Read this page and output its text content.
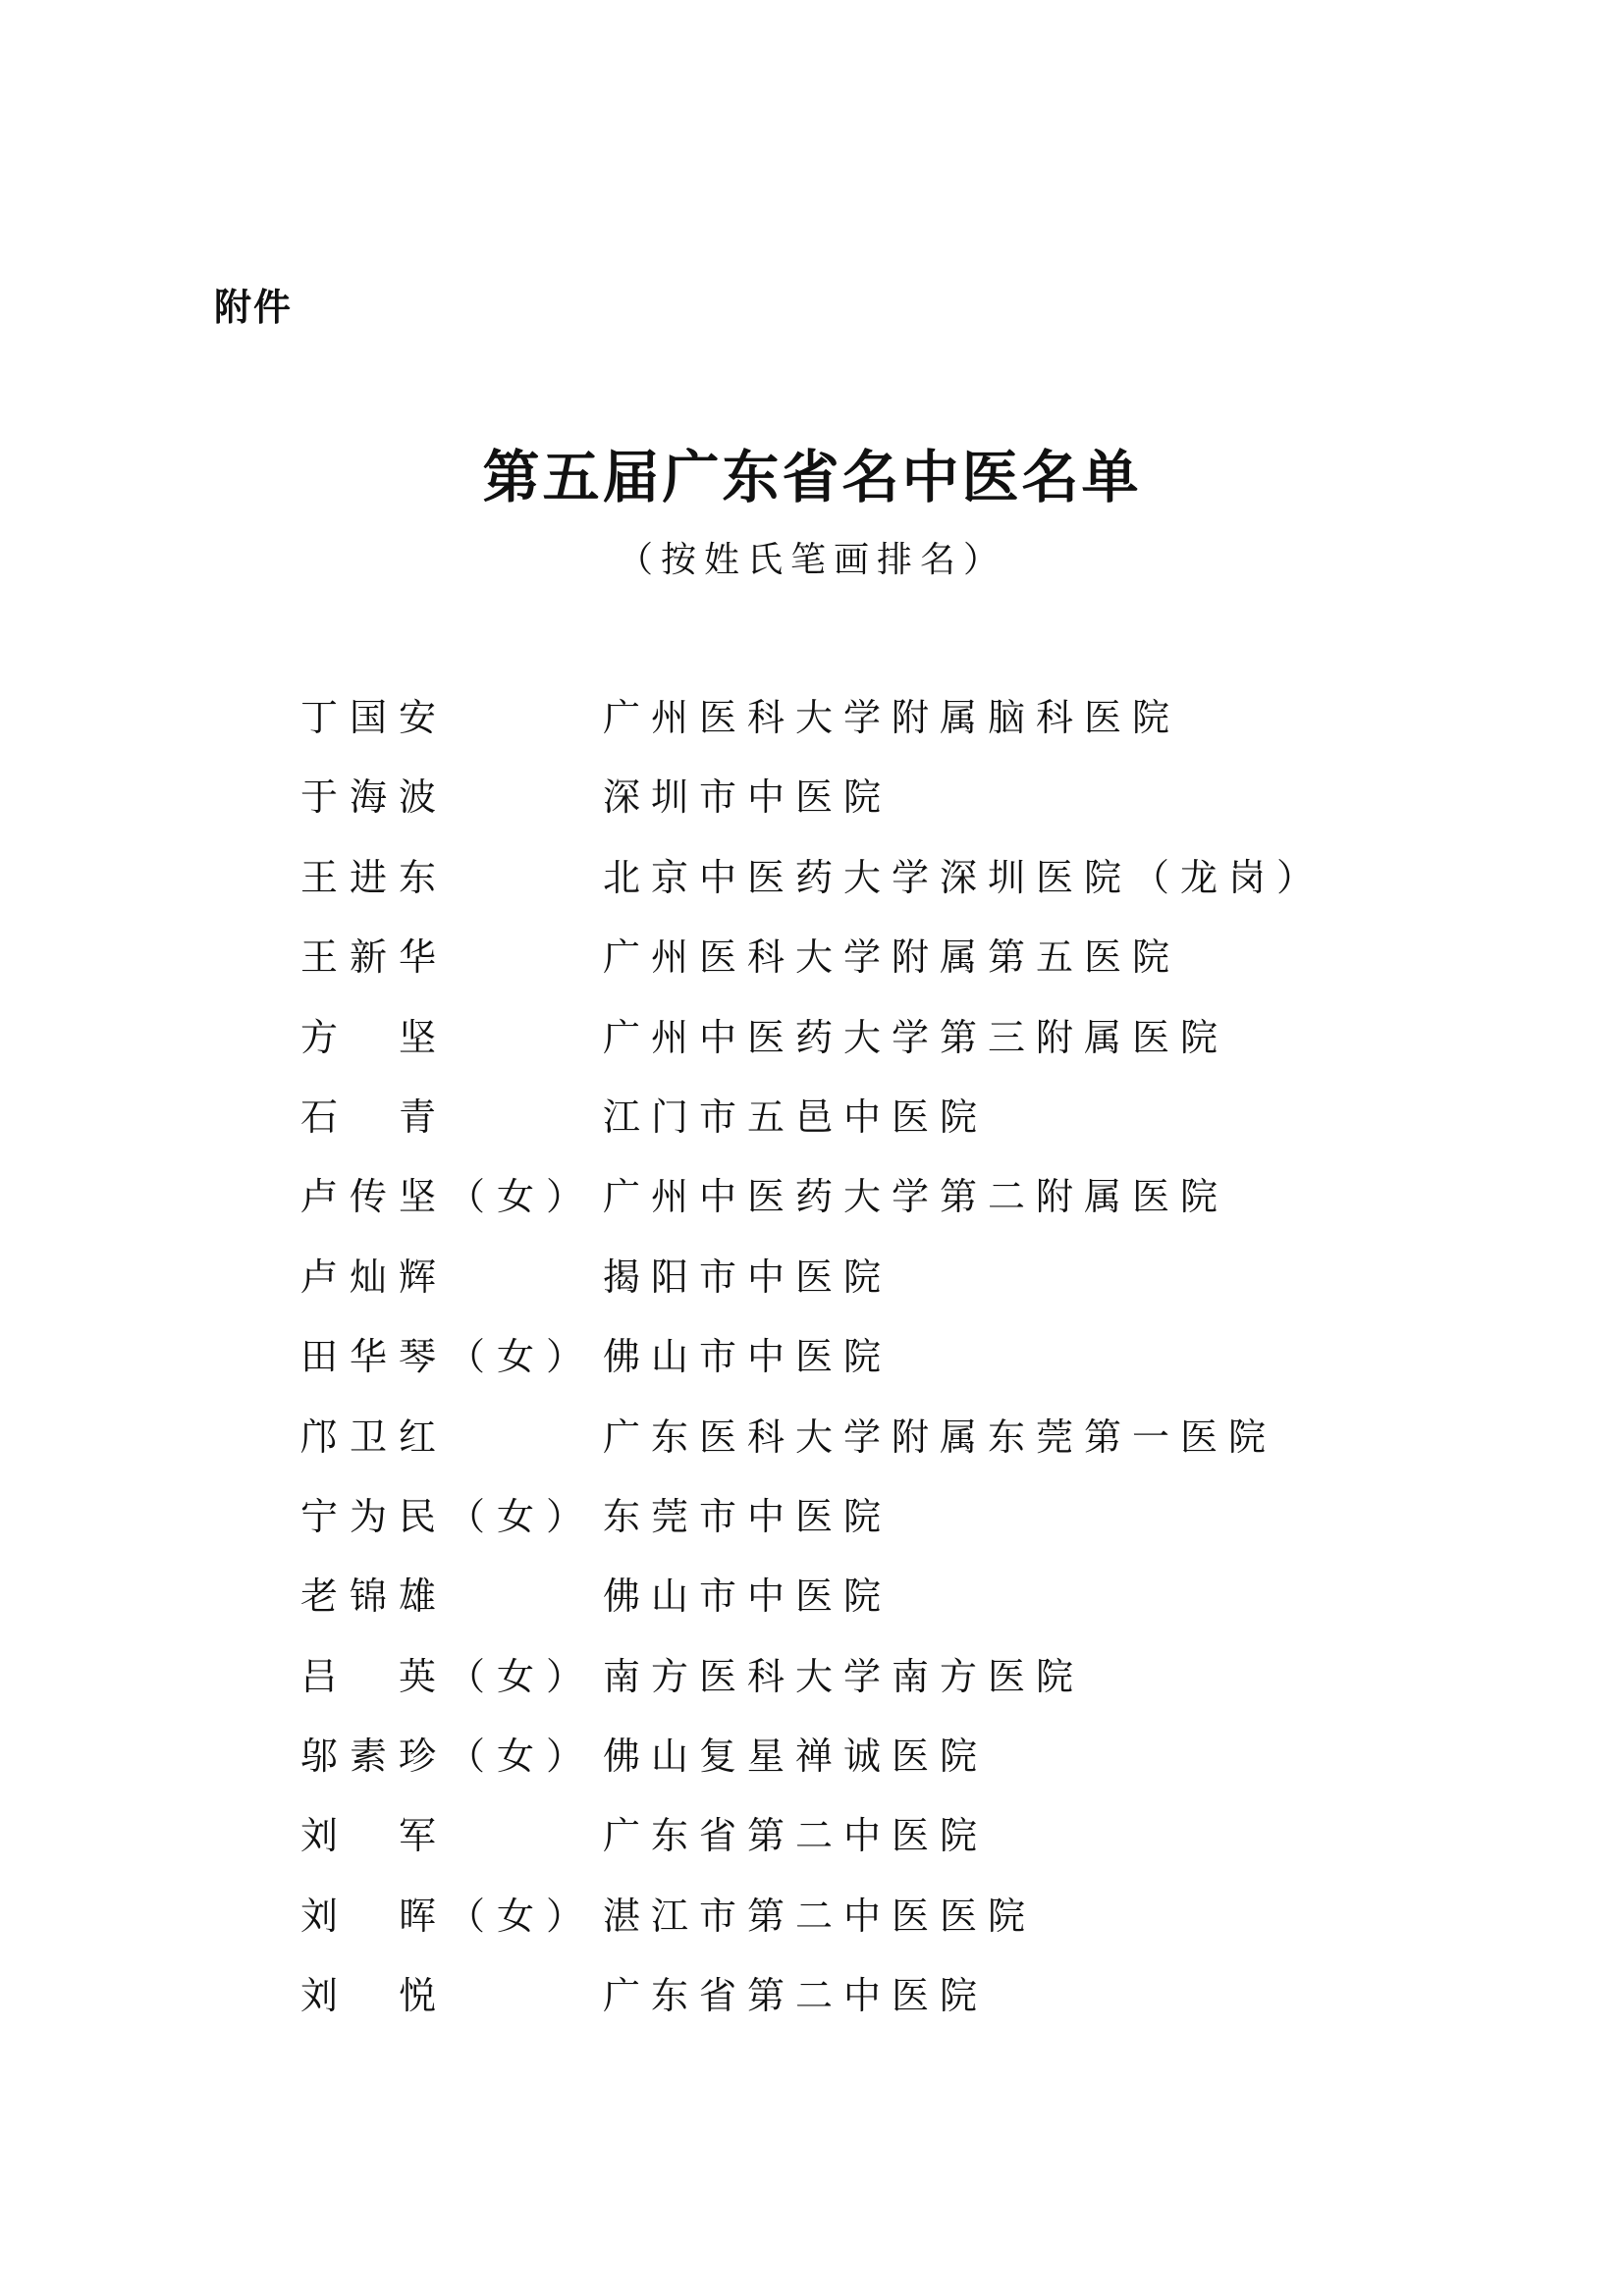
附件
第五届广东省名中医名单
（按姓氏笔画排名）
丁国安	广州医科大学附属脑科医院
于海波	深圳市中医院
王进东	北京中医药大学深圳医院（龙岗）
王新华	广州医科大学附属第五医院
方　坚	广州中医药大学第三附属医院
石　青	江门市五邑中医院
卢传坚（女） 广州中医药大学第二附属医院
卢灿辉	揭阳市中医院
田华琴（女） 佛山市中医院
邝卫红	广东医科大学附属东莞第一医院
宁为民（女） 东莞市中医院
老锦雄	佛山市中医院
吕　英（女） 南方医科大学南方医院
邬素珍（女） 佛山复星禅诚医院
刘　军	广东省第二中医院
刘　晖（女） 湛江市第二中医医院
刘　悦	广东省第二中医院
